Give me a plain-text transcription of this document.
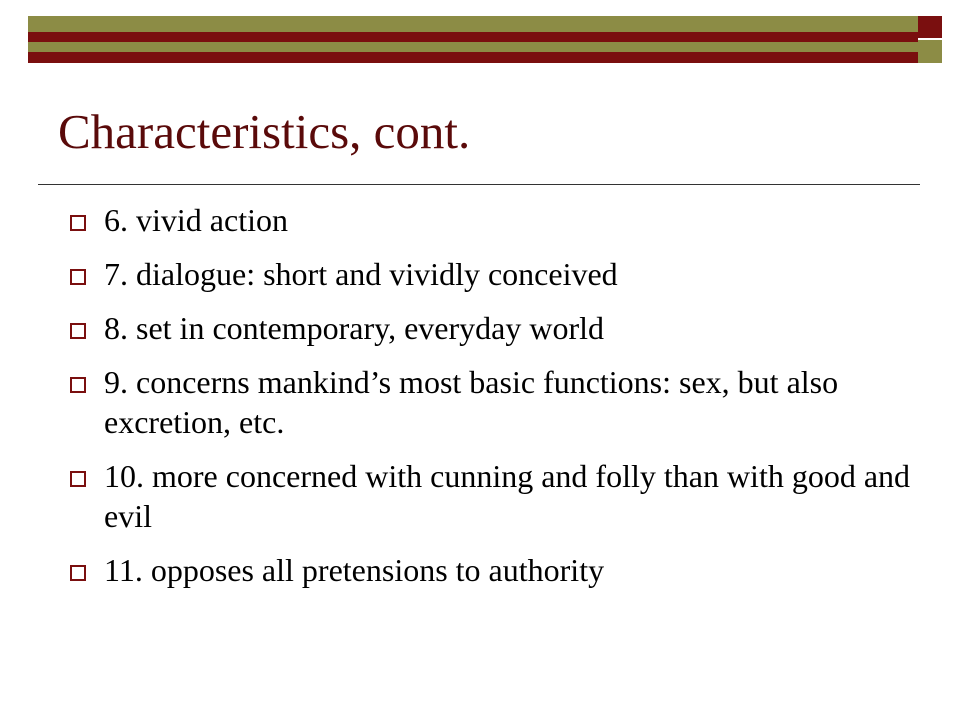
Characteristics, cont.
6. vivid action
7. dialogue: short and vividly conceived
8. set in contemporary, everyday world
9. concerns mankind’s most basic functions: sex, but also excretion, etc.
10. more concerned with cunning and folly than with good and evil
11. opposes all pretensions to authority
